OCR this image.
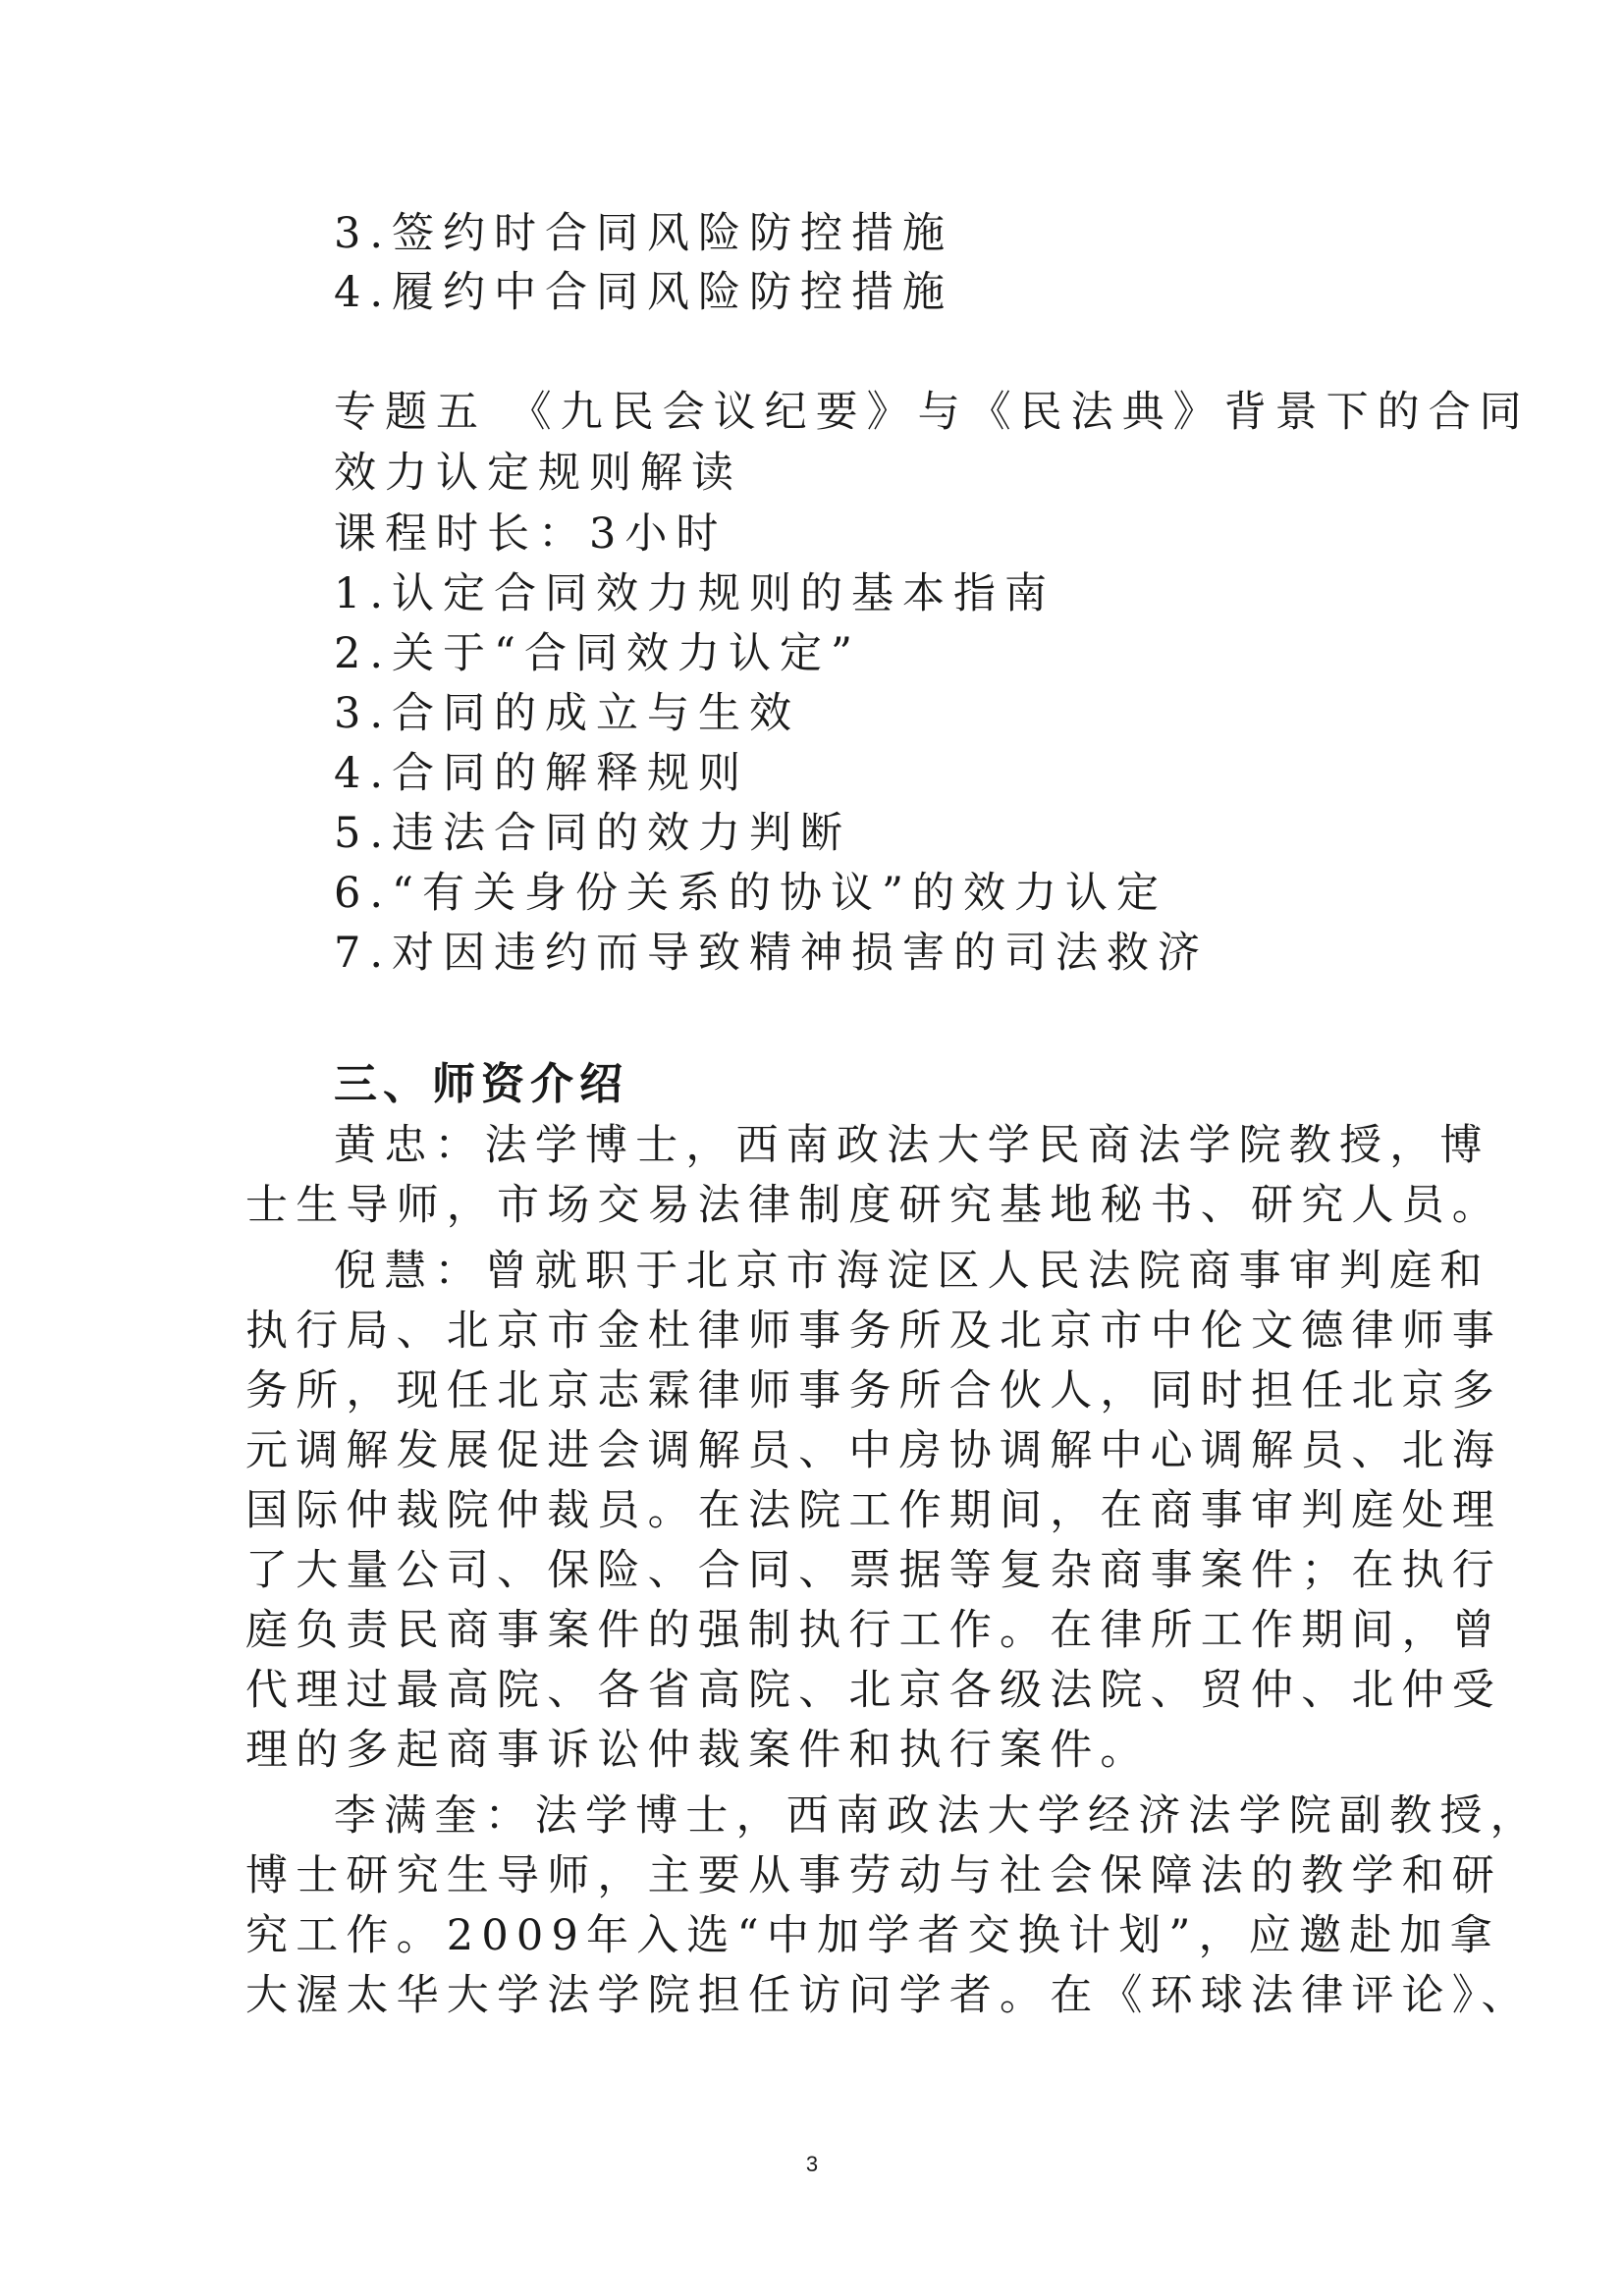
3.签约时合同风险防控措施
4.履约中合同风险防控措施
专题五 《九民会议纪要》与《民法典》背景下的合同
效力认定规则解读
课程时长：3小时
1.认定合同效力规则的基本指南
2.关于“合同效力认定”
3.合同的成立与生效
4.合同的解释规则
5.违法合同的效力判断
6.“有关身份关系的协议”的效力认定
7.对因违约而导致精神损害的司法救济
三、师资介绍
黄忠：法学博士，西南政法大学民商法学院教授，博
士生导师，市场交易法律制度研究基地秘书、研究人员。
倪慧：曾就职于北京市海淀区人民法院商事审判庭和
执行局、北京市金杜律师事务所及北京市中伦文德律师事
务所，现任北京志霖律师事务所合伙人，同时担任北京多
元调解发展促进会调解员、中房协调解中心调解员、北海
国际仲裁院仲裁员。在法院工作期间，在商事审判庭处理
了大量公司、保险、合同、票据等复杂商事案件；在执行
庭负责民商事案件的强制执行工作。在律所工作期间，曾
代理过最高院、各省高院、北京各级法院、贸仲、北仲受
理的多起商事诉讼仲裁案件和执行案件。
李满奎：法学博士，西南政法大学经济法学院副教授，
博士研究生导师，主要从事劳动与社会保障法的教学和研
究工作。2009年入选“中加学者交换计划”，应邀赴加拿
大渥太华大学法学院担任访问学者。在《环球法律评论》、
3
